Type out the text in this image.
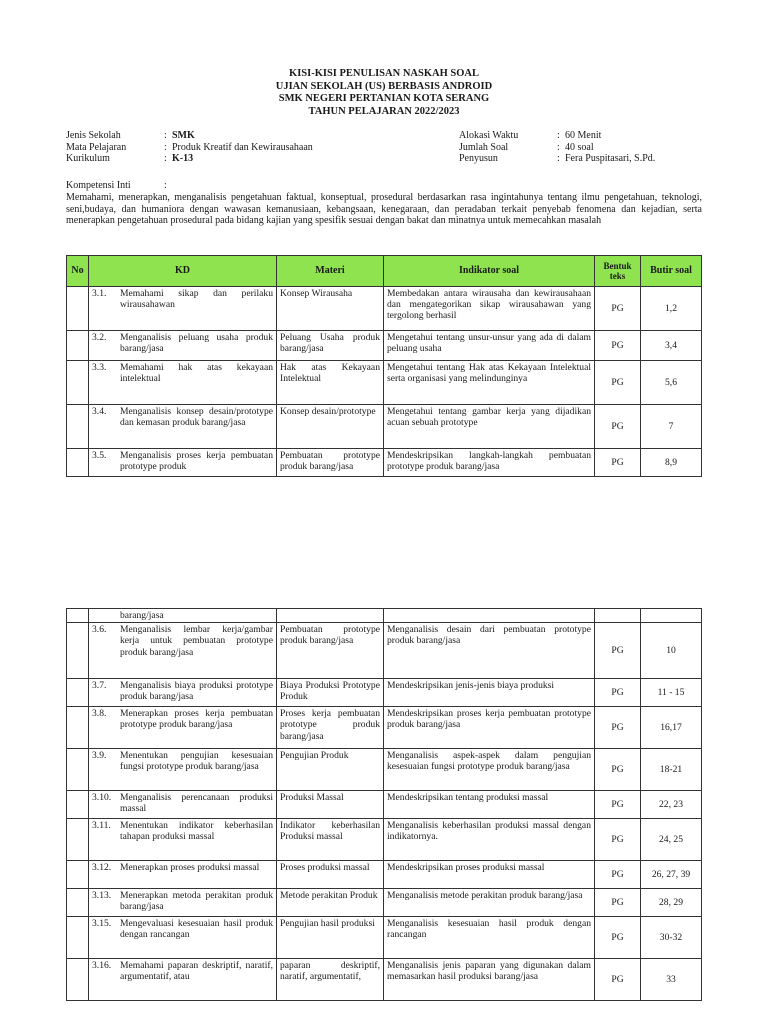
KISI-KISI PENULISAN NASKAH SOAL
UJIAN SEKOLAH (US) BERBASIS ANDROID
SMK NEGERI PERTANIAN KOTA SERANG
TAHUN PELAJARAN 2022/2023
Jenis Sekolah	: SMK
Mata Pelajaran	: Produk Kreatif dan Kewirausahaan
Kurikulum	: K-13
Alokasi Waktu	: 60 Menit
Jumlah Soal	: 40 soal
Penyusun	: Fera Puspitasari, S.Pd.
Kompetensi Inti	:
Memahami, menerapkan, menganalisis pengetahuan faktual, konseptual, prosedural berdasarkan rasa ingintahunya tentang ilmu pengetahuan, teknologi, seni,budaya, dan humaniora dengan wawasan kemanusiaan, kebangsaan, kenegaraan, dan peradaban terkait penyebab fenomena dan kejadian, serta menerapkan pengetahuan prosedural pada bidang kajian yang spesifik sesuai dengan bakat dan minatnya untuk memecahkan masalah
No	KD	Materi	Indikator soal	Bentuk teks	Butir soal

	3.1. Memahami sikap dan perilaku wirausahawan	Konsep Wirausaha	Membedakan antara wirausaha dan kewirausahaan dan mengategorikan sikap wirausahawan yang tergolong berhasil	PG	1,2

	3.2. Menganalisis peluang usaha produk barang/jasa	Peluang Usaha produk barang/jasa	Mengetahui tentang unsur-unsur yang ada di dalam peluang usaha	PG	3,4

	3.3. Memahami hak atas kekayaan intelektual	Hak atas Kekayaan Intelektual	Mengetahui tentang Hak atas Kekayaan Intelektual serta organisasi yang melindunginya	PG	5,6

	3.4. Menganalisis konsep desain/prototype dan kemasan produk barang/jasa	Konsep desain/prototype	Mengetahui tentang gambar kerja yang dijadikan acuan sebuah prototype	PG	7

	3.5. Menganalisis proses kerja pembuatan prototype produk	Pembuatan prototype produk barang/jasa	Mendeskripsikan langkah-langkah pembuatan prototype produk barang/jasa	PG	8,9

	barang/jasa				

	3.6. Menganalisis lembar kerja/gambar kerja untuk pembuatan prototype produk barang/jasa	Pembuatan prototype produk barang/jasa	Menganalisis desain dari pembuatan prototype produk barang/jasa	PG	10

	3.7. Menganalisis biaya produksi prototype produk barang/jasa	Biaya Produksi Prototype Produk	Mendeskripsikan jenis-jenis biaya produksi	PG	11 - 15

	3.8. Menerapkan proses kerja pembuatan prototype produk barang/jasa	Proses kerja pembuatan prototype produk barang/jasa	Mendeskripsikan proses kerja pembuatan prototype produk barang/jasa	PG	16,17

	3.9. Menentukan pengujian kesesuaian fungsi prototype produk barang/jasa	Pengujian Produk	Menganalisis aspek-aspek dalam pengujian kesesuaian fungsi prototype produk barang/jasa	PG	18-21

	3.10. Menganalisis perencanaan produksi massal	Produksi Massal	Mendeskripsikan tentang produksi massal	PG	22, 23

	3.11. Menentukan indikator keberhasilan tahapan produksi massal	Indikator keberhasilan Produksi massal	Menganalisis keberhasilan produksi massal dengan indikatornya.	PG	24, 25

	3.12. Menerapkan proses produksi massal	Proses produksi massal	Mendeskripsikan proses produksi massal	PG	26, 27, 39

	3.13. Menerapkan metoda perakitan produk barang/jasa	Metode perakitan Produk	Menganalisis metode perakitan produk barang/jasa	PG	28, 29

	3.15. Mengevaluasi kesesuaian hasil produk dengan rancangan	Pengujian hasil produksi	Menganalisis kesesuaian hasil produk dengan rancangan	PG	30-32

	3.16. Memahami paparan deskriptif, naratif, argumentatif, atau	paparan deskriptif, naratif, argumentatif,	Menganalisis jenis paparan yang digunakan dalam memasarkan hasil produksi barang/jasa	PG	33
